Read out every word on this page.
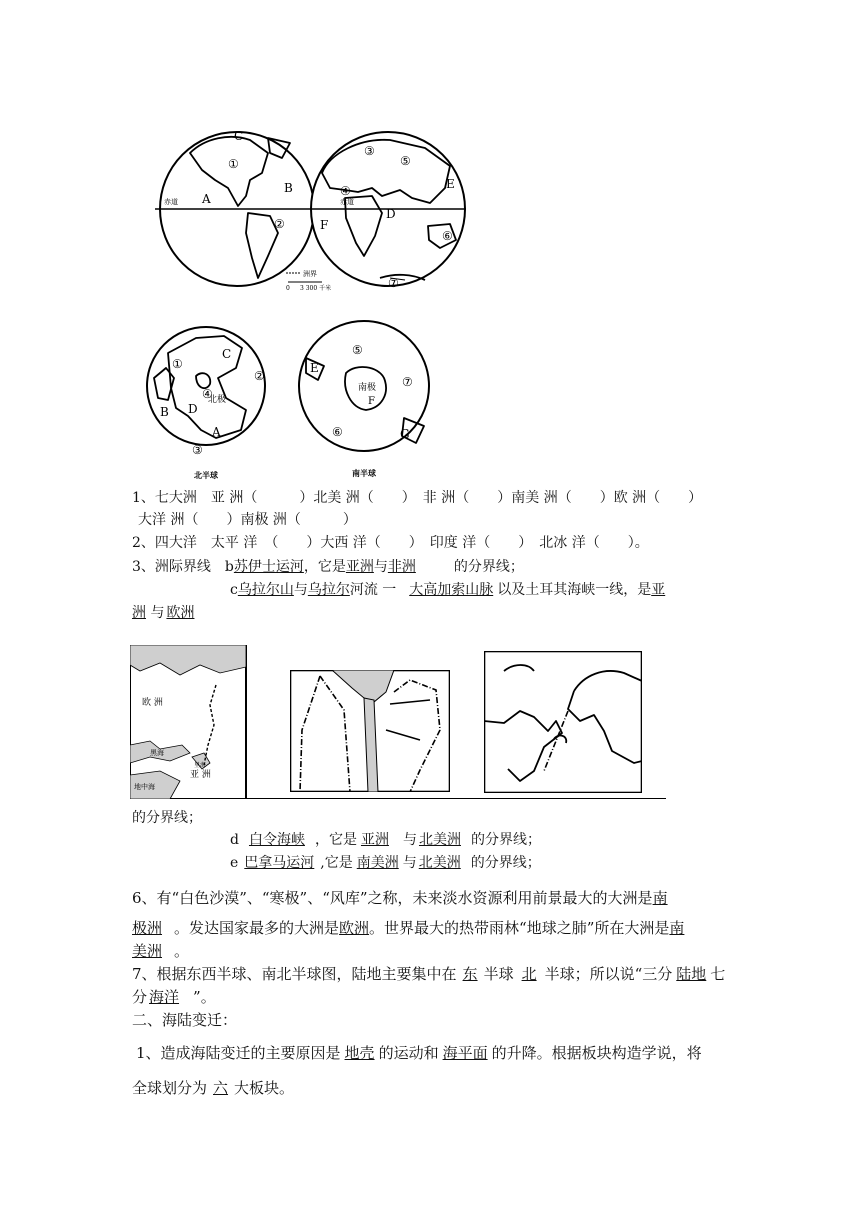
C
①
A
B
②
③
⑤
④	E
F
D
⑥
⑦
赤道	赤道
洲界
0 3 300 千米
①
C
②
B
④
D
A
③
北极
⑤
E
⑦
⑥	G
南极
F
北半球	南半球
1、七大洲　亚 洲（　　　）北美 洲（　　）　非 洲（　　）南美 洲（　　）欧 洲（　　）
大洋 洲（　　）南极 洲（　　　）
2、四大洋　太平 洋　（　　）大西 洋（　　）　印度 洋（　　）　北冰 洋（　　）。
3、洲际界线　b苏伊士运河，它是亚洲与非洲	的分界线；
c乌拉尔山与乌拉尔河流 一  大高加索山脉 以及土耳其海峡一线，是亚
洲 与 欧洲
欧 洲
亚 洲
黑海
里海
地中海
的分界线；
d 白令海峡 ，它是 亚洲 与 北美洲 的分界线；
e 巴拿马运河 ,它是 南美洲 与 北美洲 的分界线；
6、有“白色沙漠”、“寒极”、“风库”之称，未来淡水资源利用前景最大的大洲是南
极洲 。发达国家最多的大洲是欧洲。世界最大的热带雨林“地球之肺”所在大洲是南
美洲 。
7、根据东西半球、南北半球图，陆地主要集中在 东 半球 北 半球；所以说“三分 陆地 七
分 海洋 ”。
二、海陆变迁：
1、造成海陆变迁的主要原因是 地壳 的运动和 海平面 的升降。根据板块构造学说，将
全球划分为 六 大板块。
